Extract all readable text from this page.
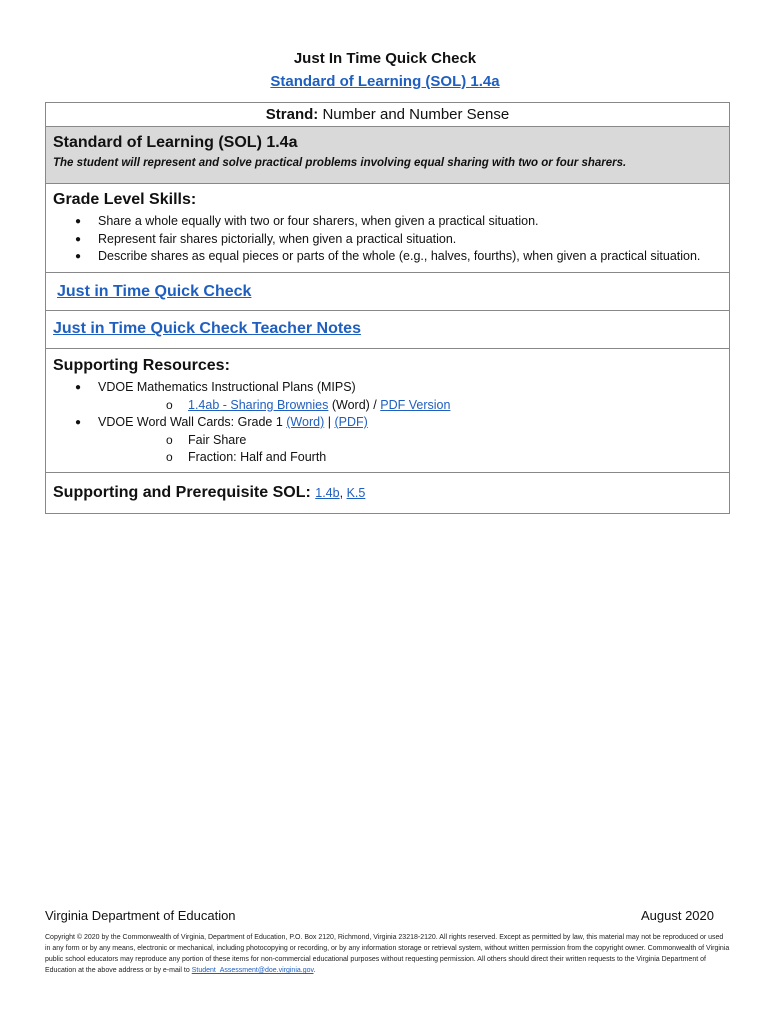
Just In Time Quick Check
Standard of Learning (SOL) 1.4a
Strand: Number and Number Sense
Standard of Learning (SOL) 1.4a
The student will represent and solve practical problems involving equal sharing with two or four sharers.
Grade Level Skills:
● Share a whole equally with two or four sharers, when given a practical situation.
● Represent fair shares pictorially, when given a practical situation.
● Describe shares as equal pieces or parts of the whole (e.g., halves, fourths), when given a practical situation.
Just in Time Quick Check
Just in Time Quick Check Teacher Notes
Supporting Resources:
● VDOE Mathematics Instructional Plans (MIPS)
o 1.4ab - Sharing Brownies (Word) / PDF Version
● VDOE Word Wall Cards: Grade 1 (Word) | (PDF)
o Fair Share
o Fraction: Half and Fourth
Supporting and Prerequisite SOL: 1.4b, K.5
Virginia Department of Education	August 2020
Copyright © 2020 by the Commonwealth of Virginia, Department of Education, P.O. Box 2120, Richmond, Virginia 23218-2120. All rights reserved. Except as permitted by law, this material may not be reproduced or used in any form or by any means, electronic or mechanical, including photocopying or recording, or by any information storage or retrieval system, without written permission from the copyright owner. Commonwealth of Virginia public school educators may reproduce any portion of these items for non-commercial educational purposes without requesting permission. All others should direct their written requests to the Virginia Department of Education at the above address or by e-mail to Student_Assessment@doe.virginia.gov.
